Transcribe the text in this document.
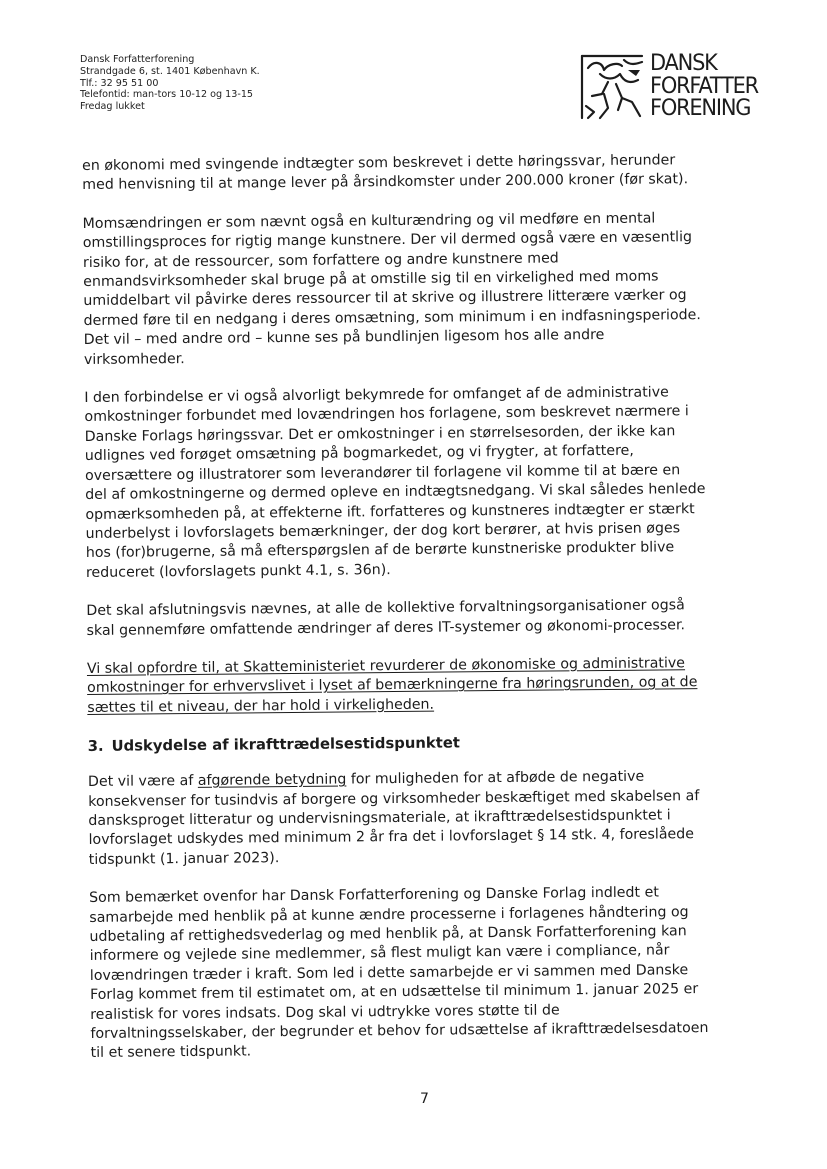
Dansk Forfatterforening
Strandgade 6, st. 1401 København K.
Tlf.: 32 95 51 00
Telefontid: man-tors 10-12 og 13-15
Fredag lukket
DANSK
FORFATTER
FORENING
en økonomi med svingende indtægter som beskrevet i dette høringssvar, herunder
med henvisning til at mange lever på årsindkomster under 200.000 kroner (før skat).
Momsændringen er som nævnt også en kulturændring og vil medføre en mental
omstillingsproces for rigtig mange kunstnere. Der vil dermed også være en væsentlig
risiko for, at de ressourcer, som forfattere og andre kunstnere med
enmandsvirksomheder skal bruge på at omstille sig til en virkelighed med moms
umiddelbart vil påvirke deres ressourcer til at skrive og illustrere litterære værker og
dermed føre til en nedgang i deres omsætning, som minimum i en indfasningsperiode.
Det vil – med andre ord – kunne ses på bundlinjen ligesom hos alle andre
virksomheder.
I den forbindelse er vi også alvorligt bekymrede for omfanget af de administrative
omkostninger forbundet med lovændringen hos forlagene, som beskrevet nærmere i
Danske Forlags høringssvar. Det er omkostninger i en størrelsesorden, der ikke kan
udlignes ved forøget omsætning på bogmarkedet, og vi frygter, at forfattere,
oversættere og illustratorer som leverandører til forlagene vil komme til at bære en
del af omkostningerne og dermed opleve en indtægtsnedgang. Vi skal således henlede
opmærksomheden på, at effekterne ift. forfatteres og kunstneres indtægter er stærkt
underbelyst i lovforslagets bemærkninger, der dog kort berører, at hvis prisen øges
hos (for)brugerne, så må efterspørgslen af de berørte kunstneriske produkter blive
reduceret (lovforslagets punkt 4.1, s. 36n).
Det skal afslutningsvis nævnes, at alle de kollektive forvaltningsorganisationer også
skal gennemføre omfattende ændringer af deres IT-systemer og økonomi-processer.
Vi skal opfordre til, at Skatteministeriet revurderer de økonomiske og administrative
omkostninger for erhvervslivet i lyset af bemærkningerne fra høringsrunden, og at de
sættes til et niveau, der har hold i virkeligheden.
3. Udskydelse af ikrafttrædelsestidspunktet
Det vil være af afgørende betydning for muligheden for at afbøde de negative
konsekvenser for tusindvis af borgere og virksomheder beskæftiget med skabelsen af
dansksproget litteratur og undervisningsmateriale, at ikrafttrædelsestidspunktet i
lovforslaget udskydes med minimum 2 år fra det i lovforslaget § 14 stk. 4, foreslåede
tidspunkt (1. januar 2023).
Som bemærket ovenfor har Dansk Forfatterforening og Danske Forlag indledt et
samarbejde med henblik på at kunne ændre processerne i forlagenes håndtering og
udbetaling af rettighedsvederlag og med henblik på, at Dansk Forfatterforening kan
informere og vejlede sine medlemmer, så flest muligt kan være i compliance, når
lovændringen træder i kraft. Som led i dette samarbejde er vi sammen med Danske
Forlag kommet frem til estimatet om, at en udsættelse til minimum 1. januar 2025 er
realistisk for vores indsats. Dog skal vi udtrykke vores støtte til de
forvaltningsselskaber, der begrunder et behov for udsættelse af ikrafttrædelsesdatoen
til et senere tidspunkt.
7
